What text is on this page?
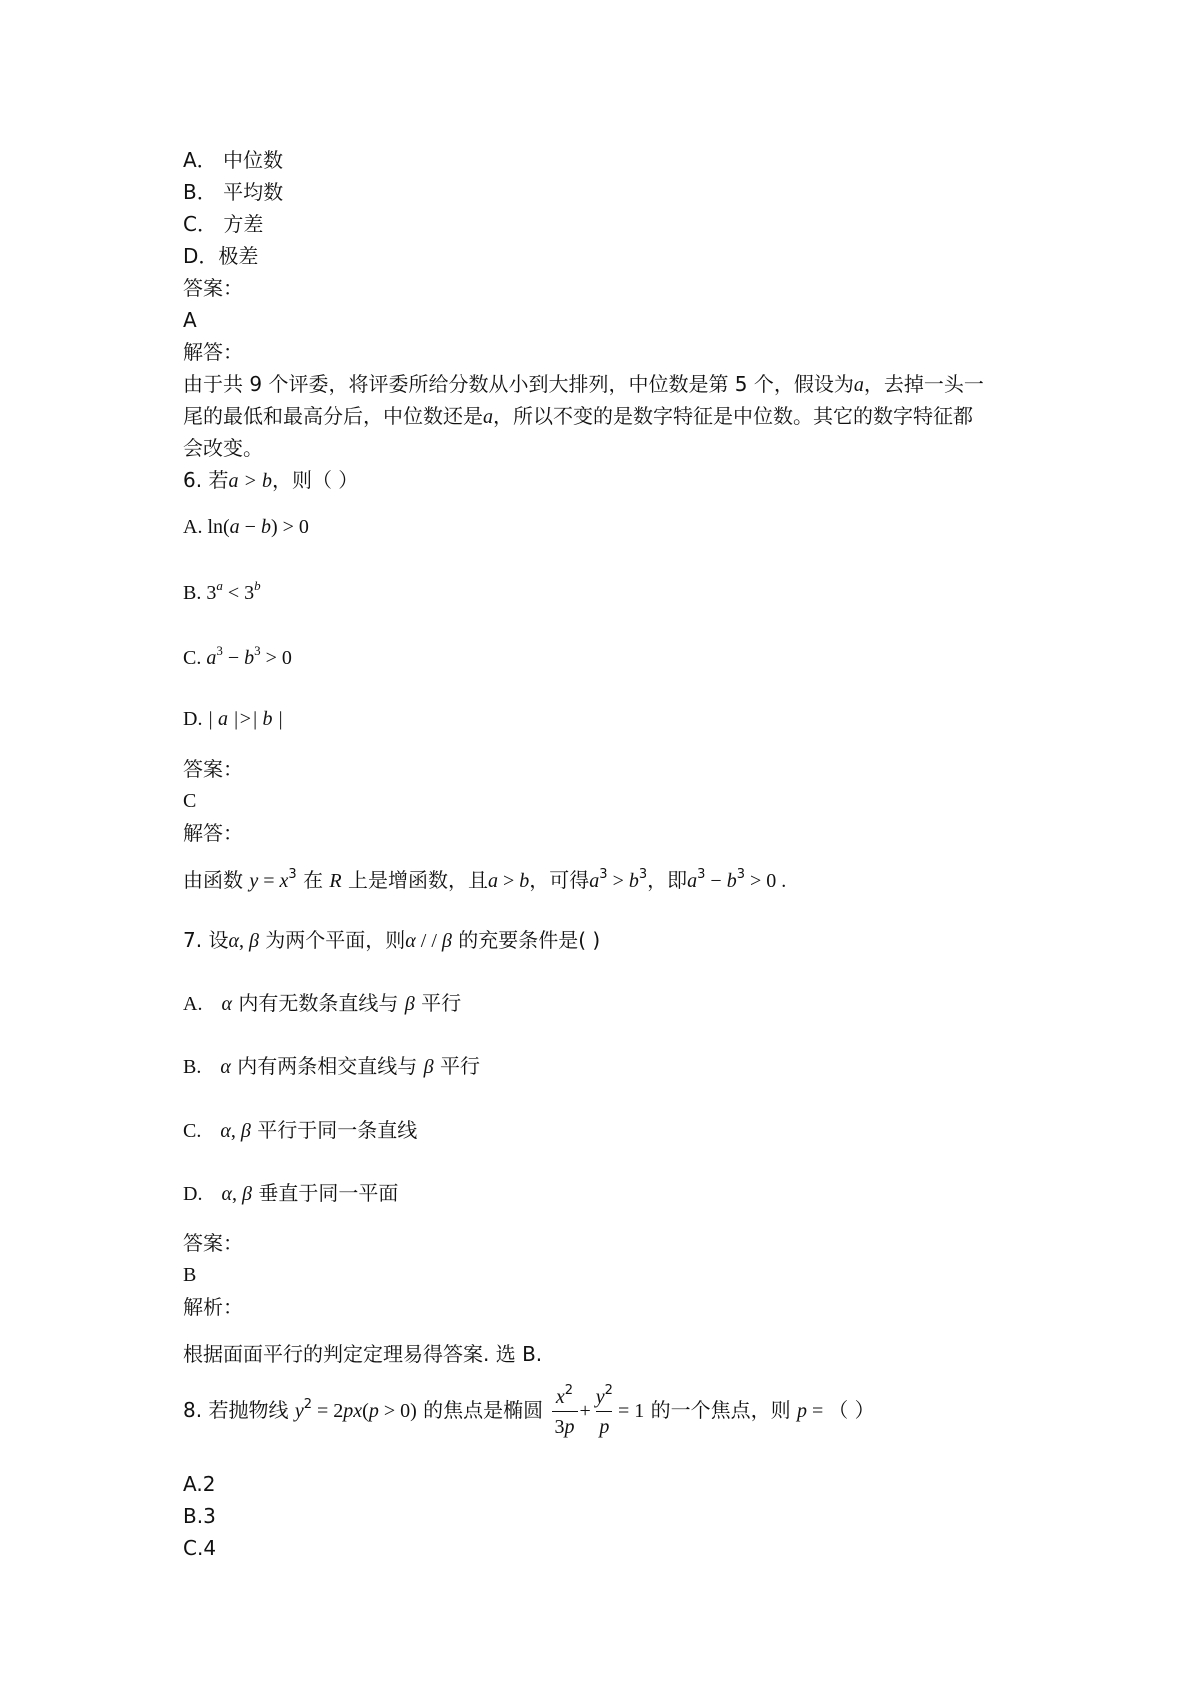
A． 中位数
B． 平均数
C． 方差
D．极差
答案：
A
解答：
由于共 9 个评委，将评委所给分数从小到大排列，中位数是第 5 个，假设为a，去掉一头一
尾的最低和最高分后，中位数还是a，所以不变的是数字特征是中位数。其它的数字特征都
会改变。
6. 若a > b，则（ ）
A. ln(a − b) > 0
B. $3^a < 3^b$
C. $a^3 - b^3 > 0$
D. | a |>| b |
答案：
C
解答：
由函数 $y = x^3$ 在 R 上是增函数，且a > b，可得$a^3 > b^3$，即$a^3 - b^3 > 0$ .
7. 设α, β 为两个平面，则α / / β 的充要条件是( )
A. α 内有无数条直线与 β 平行
B. α 内有两条相交直线与 β 平行
C. α, β 平行于同一条直线
D. α, β 垂直于同一平面
答案：
B
解析：
根据面面平行的判定定理易得答案. 选 B.
8. 若抛物线 $y^2 = 2px(p > 0)$ 的焦点是椭圆 $\frac{x^2}{3p} + \frac{y^2}{p} = 1$ 的一个焦点，则 p = （ ）
A.2
B.3
C.4
